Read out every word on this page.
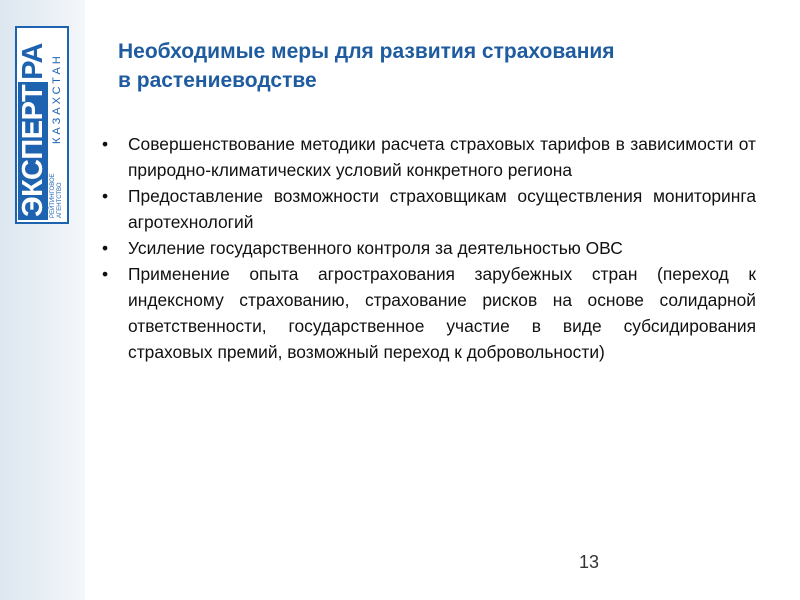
ЭКСПЕРТ
РА
РЕЙТИНГОВОЕ АГЕНТСТВО
КАЗАХСТАН
Необходимые меры для развития страхования
в растениеводстве
• Совершенствование методики расчета страховых тарифов в зависимости от природно-климатических условий конкретного региона
• Предоставление возможности страховщикам осуществления мониторинга агротехнологий
• Усиление государственного контроля за деятельностью ОВС
• Применение опыта агрострахования зарубежных стран (переход к индексному страхованию, страхование рисков на основе солидарной ответственности, государственное участие в виде субсидирования страховых премий, возможный переход к добровольности)
13
